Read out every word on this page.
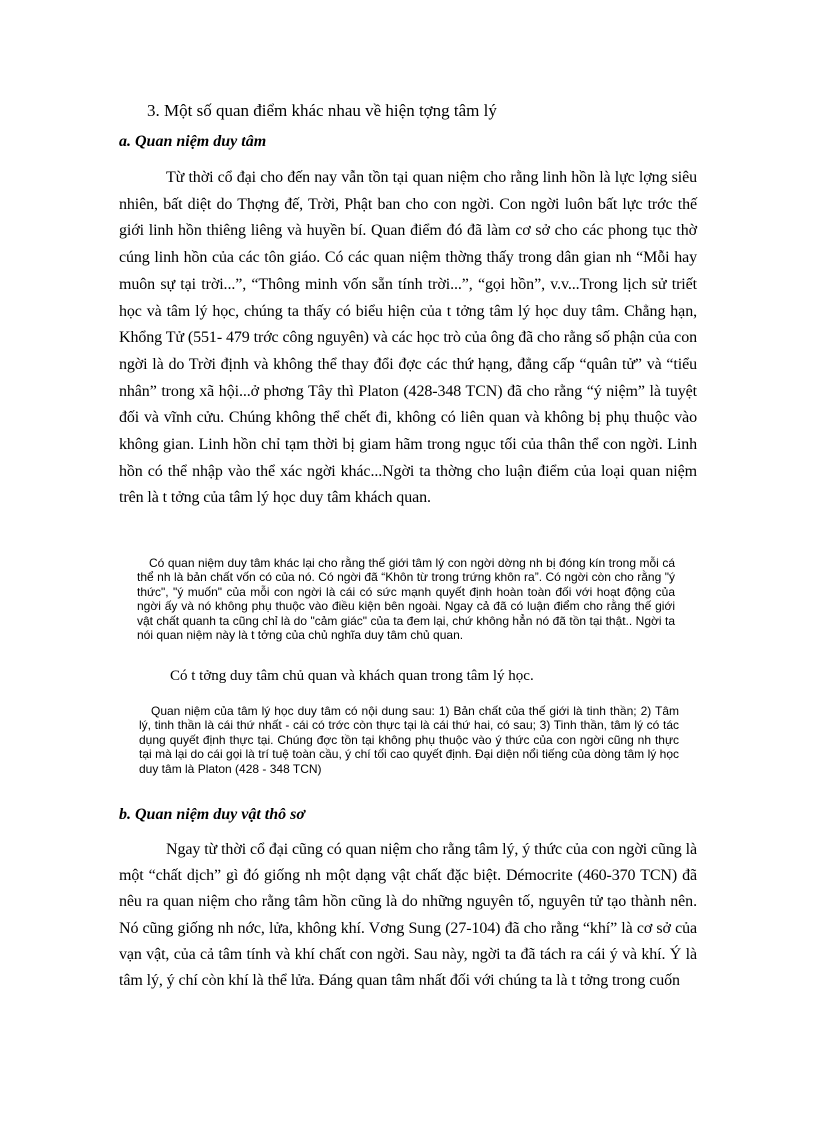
3. Một số quan điểm khác nhau về hiện tợng tâm lý
a. Quan niệm duy tâm

Từ thời cổ đại cho đến nay vẫn tồn tại quan niệm cho rằng linh hồn là lực lợng siêu nhiên, bất diệt do Thợng đế, Trời, Phật ban cho con ngời. Con ngời luôn bất lực trớc thế giới linh hồn thiêng liêng và huyền bí. Quan điểm đó đã làm cơ sở cho các phong tục thờ cúng linh hồn của các tôn giáo. Có các quan niệm thờng thấy trong dân gian nh “Mỗi hay muôn sự tại trời...”, “Thông minh vốn sẵn tính trời...”, “gọi hồn”, v.v...Trong lịch sử triết học và tâm lý học, chúng ta thấy có biểu hiện của t tởng tâm lý học duy tâm. Chẳng hạn, Khổng Tử (551- 479 trớc công nguyên) và các học trò của ông đã cho rằng số phận của con ngời là do Trời định và không thể thay đổi đợc các thứ hạng, đẳng cấp “quân tử” và “tiểu nhân” trong xã hội...ở phơng Tây thì Platon (428-348 TCN) đã cho rằng “ý niệm” là tuyệt đối và vĩnh cửu. Chúng không thể chết đi, không có liên quan và không bị phụ thuộc vào không gian. Linh hồn chỉ tạm thời bị giam hãm trong ngục tối của thân thể con ngời. Linh hồn có thể nhập vào thể xác ngời khác...Ngời ta thờng cho luận điểm của loại quan niệm trên là t tởng của tâm lý học duy tâm khách quan.

Có quan niệm duy tâm khác lại cho rằng thế giới tâm lý con ngời dờng nh bị đóng kín trong mỗi cá thể nh là bản chất vốn có của nó. Có ngời đã “Khôn từ trong trứng khôn ra”. Có ngời còn cho rằng "ý thức", "ý muốn" của mỗi con ngời là cái có sức mạnh quyết định hoàn toàn đối với hoạt động của ngời ấy và nó không phụ thuộc vào điều kiện bên ngoài. Ngay cả đã có luận điểm cho rằng thế giới vật chất quanh ta cũng chỉ là do "cảm giác" của ta đem lại, chứ không hẳn nó đã tồn tại thật.. Ngời ta nói quan niệm này là t tởng của chủ nghĩa duy tâm chủ quan.

Có t tởng duy tâm chủ quan và khách quan trong tâm lý học.

Quan niệm của tâm lý học duy tâm có nội dung sau: 1) Bản chất của thế giới là tinh thần; 2) Tâm lý, tinh thần là cái thứ nhất - cái có trớc còn thực tại là cái thứ hai, có sau; 3) Tinh thần, tâm lý có tác dụng quyết định thực tại. Chúng đợc tồn tại không phụ thuộc vào ý thức của con ngời cũng nh thực tại mà lại do cái gọi là trí tuệ toàn cầu, ý chí tối cao quyết định. Đại diện nổi tiếng của dòng tâm lý học duy tâm là Platon (428 - 348 TCN)

b. Quan niệm duy vật thô sơ

Ngay từ thời cổ đại cũng có quan niệm cho rằng tâm lý, ý thức của con ngời cũng là một “chất dịch” gì đó giống nh một dạng vật chất đặc biệt. Démocrite (460-370 TCN) đã nêu ra quan niệm cho rằng tâm hồn cũng là do những nguyên tố, nguyên tử tạo thành nên. Nó cũng giống nh nớc, lửa, không khí. Vơng Sung (27-104) đã cho rằng “khí” là cơ sở của vạn vật, của cả tâm tính và khí chất con ngời. Sau này, ngời ta đã tách ra cái ý và khí. Ý là tâm lý, ý chí còn khí là thể lửa. Đáng quan tâm nhất đối với chúng ta là t tởng trong cuốn
